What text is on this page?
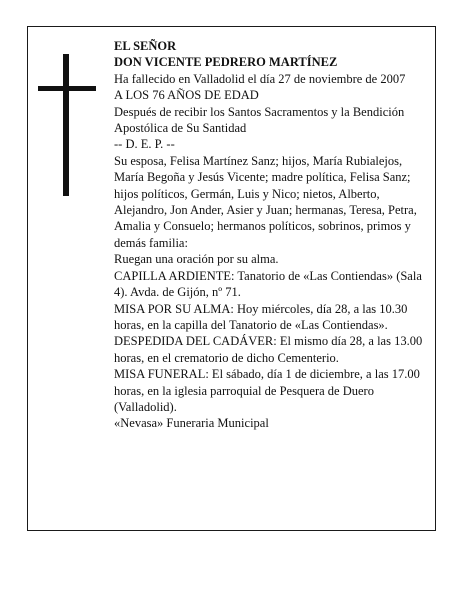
EL SEÑOR

DON VICENTE PEDRERO MARTÍNEZ

Ha fallecido en Valladolid el día 27 de noviembre de 2007

A LOS 76 AÑOS DE EDAD

Después de recibir los Santos Sacramentos y la Bendición Apostólica de Su Santidad

-- D. E. P. --

Su esposa, Felisa Martínez Sanz; hijos, María Rubialejos, María Begoña y Jesús Vicente; madre política, Felisa Sanz; hijos políticos, Germán, Luis y Nico; nietos, Alberto, Alejandro, Jon Ander, Asier y Juan; hermanas, Teresa, Petra, Amalia y Consuelo; hermanos políticos, sobrinos, primos y demás familia:

Ruegan una oración por su alma.

CAPILLA ARDIENTE: Tanatorio de «Las Contiendas» (Sala 4). Avda. de Gijón, nº 71.

MISA POR SU ALMA: Hoy miércoles, día 28, a las 10.30 horas, en la capilla del Tanatorio de «Las Contiendas».

DESPEDIDA DEL CADÁVER: El mismo día 28, a las 13.00 horas, en el crematorio de dicho Cementerio.

MISA FUNERAL: El sábado, día 1 de diciembre, a las 17.00 horas, en la iglesia parroquial de Pesquera de Duero (Valladolid).

«Nevasa» Funeraria Municipal
